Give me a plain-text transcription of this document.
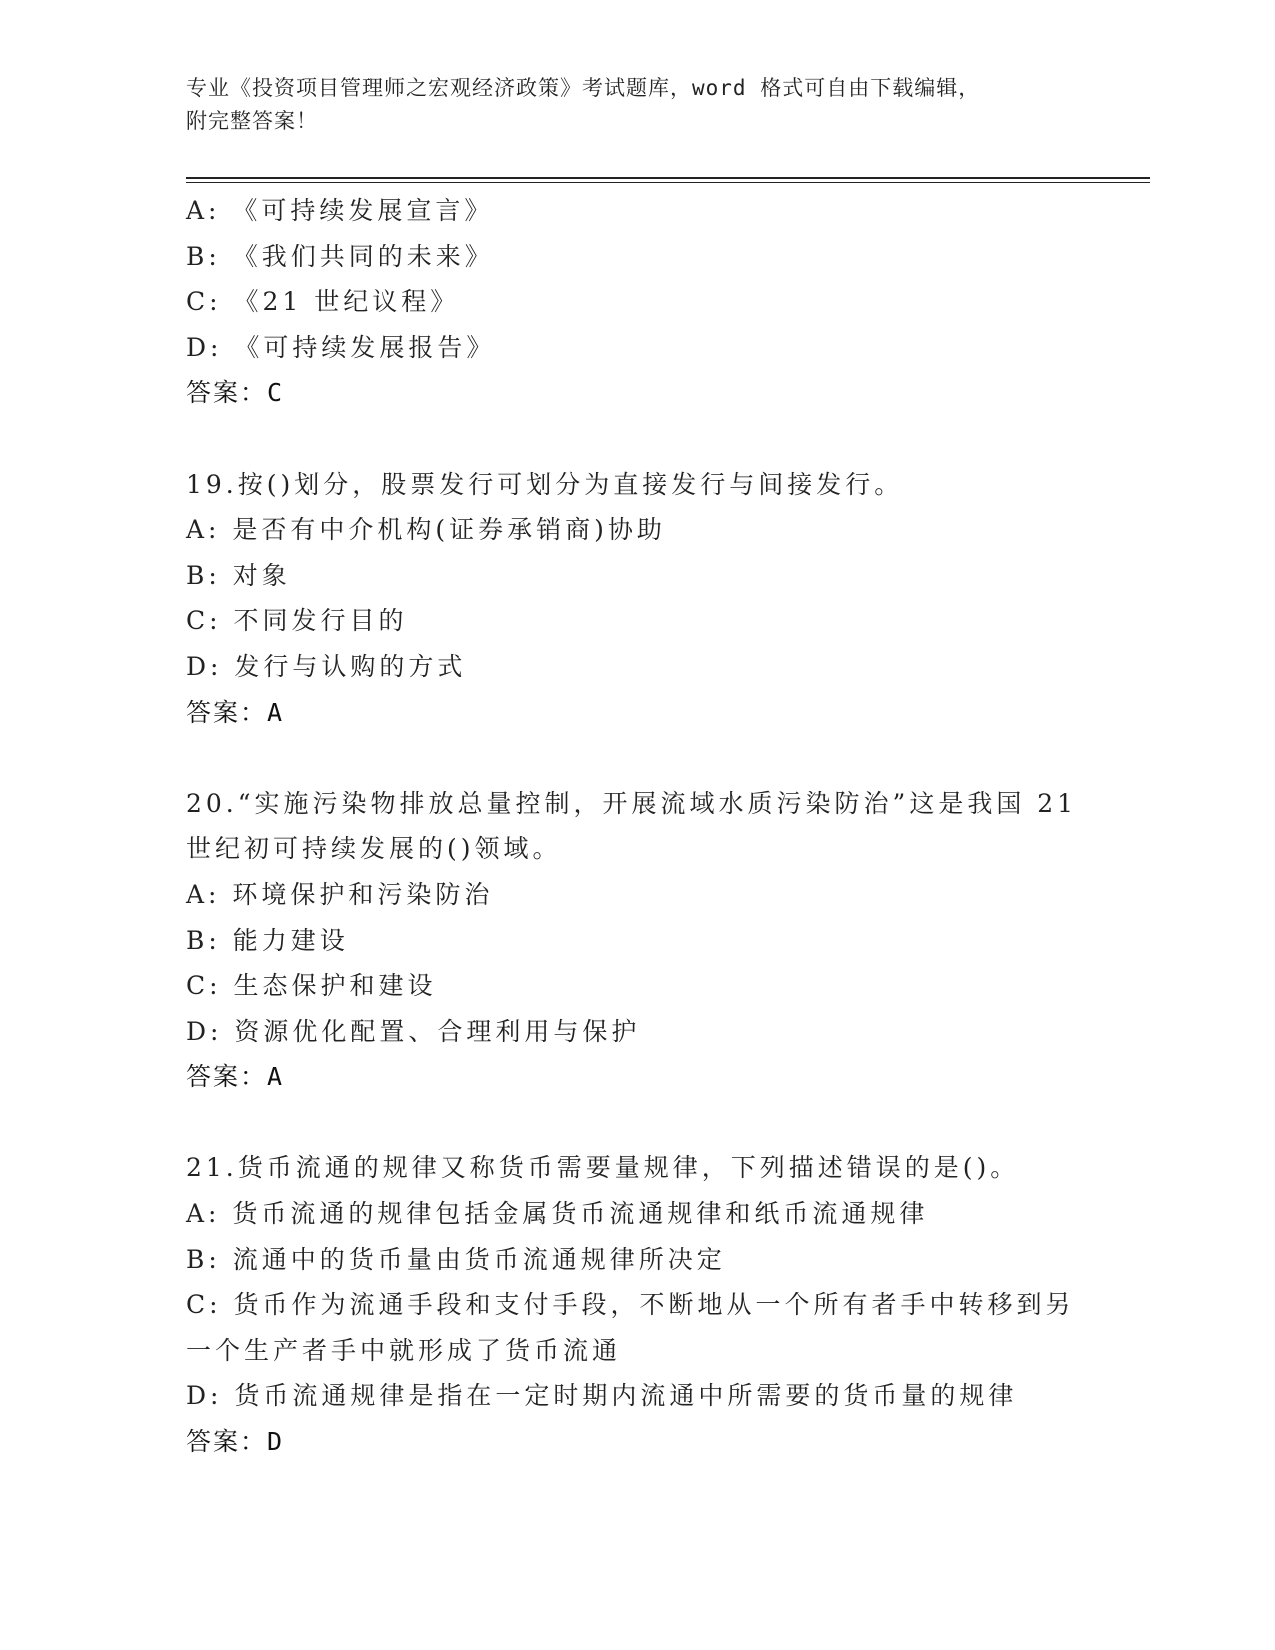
专业《投资项目管理师之宏观经济政策》考试题库，word 格式可自由下载编辑，
附完整答案！
A: 《可持续发展宣言》
B: 《我们共同的未来》
C: 《21 世纪议程》
D: 《可持续发展报告》
答案：C
19.按()划分，股票发行可划分为直接发行与间接发行。
A: 是否有中介机构(证券承销商)协助
B: 对象
C: 不同发行目的
D: 发行与认购的方式
答案：A
20.“实施污染物排放总量控制，开展流域水质污染防治”这是我国 21
世纪初可持续发展的()领域。
A: 环境保护和污染防治
B: 能力建设
C: 生态保护和建设
D: 资源优化配置、合理利用与保护
答案：A
21.货币流通的规律又称货币需要量规律，下列描述错误的是()。
A: 货币流通的规律包括金属货币流通规律和纸币流通规律
B: 流通中的货币量由货币流通规律所决定
C: 货币作为流通手段和支付手段，不断地从一个所有者手中转移到另
一个生产者手中就形成了货币流通
D: 货币流通规律是指在一定时期内流通中所需要的货币量的规律
答案：D
